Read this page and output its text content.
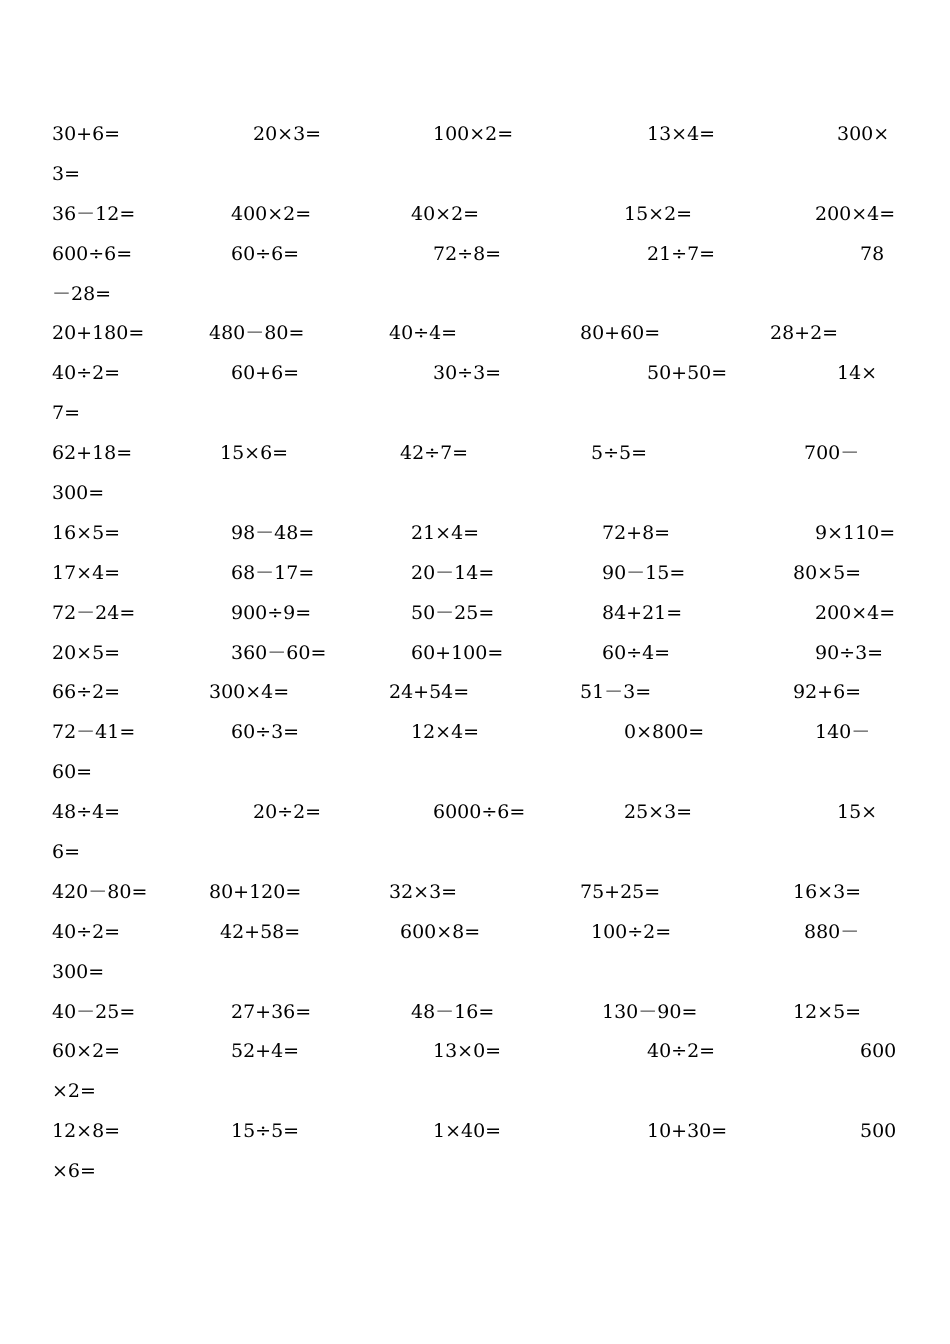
30+6=	20×3=	100×2=	13×4=	300×
3=
36－12=	400×2=	40×2=	15×2=	200×4=
600÷6=	60÷6=	72÷8=	21÷7=	78
－28=
20+180=	480－80=	40÷4=	80+60=	28+2=
40÷2=	60+6=	30÷3=	50+50=	14×
7=
62+18=	15×6=	42÷7=	5÷5=	700－
300=
16×5=	98－48=	21×4=	72+8=	9×110=
17×4=	68－17=	20－14=	90－15=	80×5=
72－24=	900÷9=	50－25=	84+21=	200×4=
20×5=	360－60=	60+100=	60÷4=	90÷3=
66÷2=	300×4=	24+54=	51－3=	92+6=
72－41=	60÷3=	12×4=	0×800=	140－
60=
48÷4=	20÷2=	6000÷6=	25×3=	15×
6=
420－80=	80+120=	32×3=	75+25=	16×3=
40÷2=	42+58=	600×8=	100÷2=	880－
300=
40－25=	27+36=	48－16=	130－90=	12×5=
60×2=	52+4=	13×0=	40÷2=	600
×2=
12×8=	15÷5=	1×40=	10+30=	500
×6=
